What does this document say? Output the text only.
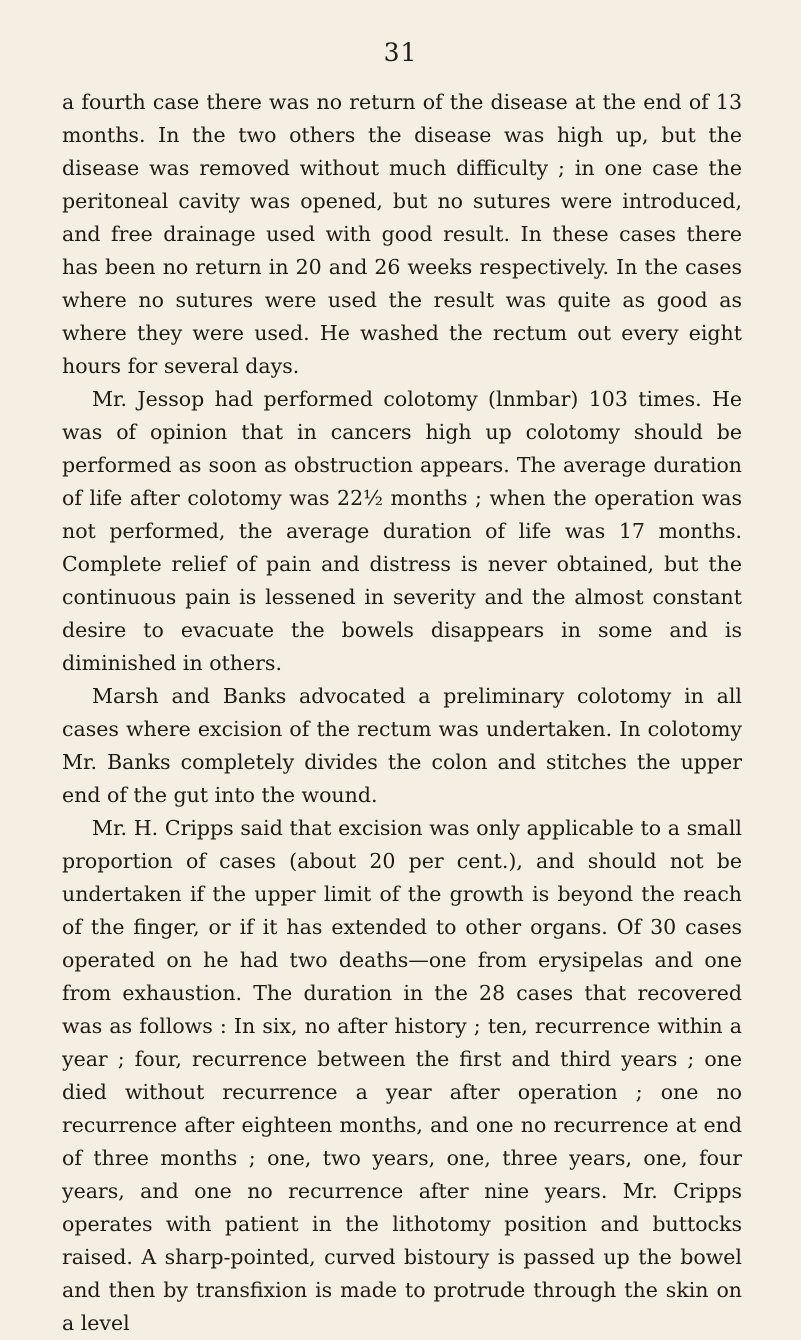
31

a fourth case there was no return of the disease at the end of 13 months. In the two others the disease was high up, but the disease was removed without much difficulty ; in one case the peritoneal cavity was opened, but no sutures were introduced, and free drainage used with good result. In these cases there has been no return in 20 and 26 weeks respectively. In the cases where no sutures were used the result was quite as good as where they were used. He washed the rectum out every eight hours for several days.

Mr. Jessop had performed colotomy (lnmbar) 103 times. He was of opinion that in cancers high up colotomy should be performed as soon as obstruction appears. The average duration of life after colotomy was 22½ months ; when the operation was not performed, the average duration of life was 17 months. Complete relief of pain and distress is never obtained, but the continuous pain is lessened in severity and the almost constant desire to evacuate the bowels disappears in some and is diminished in others.

Marsh and Banks advocated a preliminary colotomy in all cases where excision of the rectum was undertaken. In colotomy Mr. Banks completely divides the colon and stitches the upper end of the gut into the wound.

Mr. H. Cripps said that excision was only applicable to a small proportion of cases (about 20 per cent.), and should not be undertaken if the upper limit of the growth is beyond the reach of the finger, or if it has extended to other organs. Of 30 cases operated on he had two deaths—one from erysipelas and one from exhaustion. The duration in the 28 cases that recovered was as follows : In six, no after history ; ten, recurrence within a year ; four, recurrence between the first and third years ; one died without recurrence a year after operation ; one no recurrence after eighteen months, and one no recurrence at end of three months ; one, two years, one, three years, one, four years, and one no recurrence after nine years. Mr. Cripps operates with patient in the lithotomy position and buttocks raised. A sharp-pointed, curved bistoury is passed up the bowel and then by transfixion is made to protrude through the skin on a level
